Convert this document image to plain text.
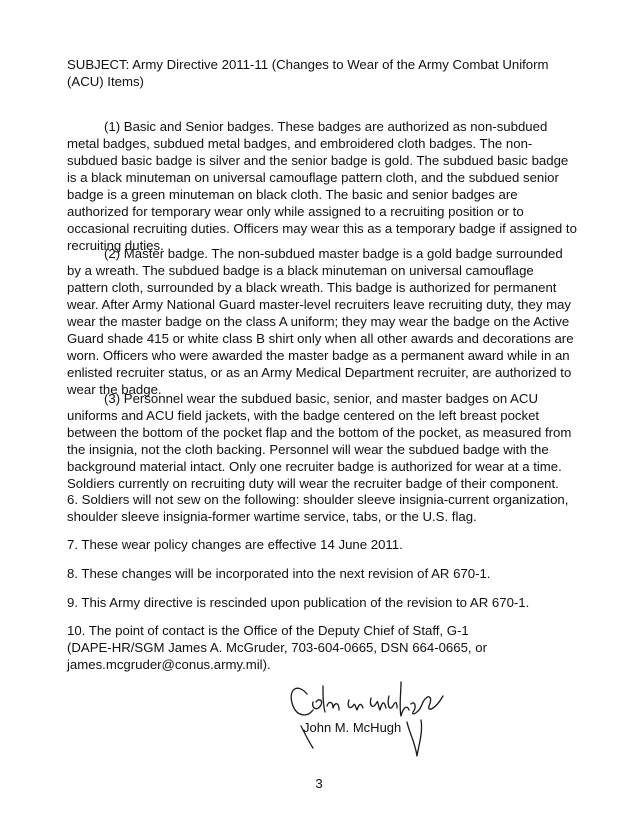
SUBJECT: Army Directive 2011-11 (Changes to Wear of the Army Combat Uniform
(ACU) Items)

(1) Basic and Senior badges. These badges are authorized as non-subdued
metal badges, subdued metal badges, and embroidered cloth badges. The non-
subdued basic badge is silver and the senior badge is gold. The subdued basic badge
is a black minuteman on universal camouflage pattern cloth, and the subdued senior
badge is a green minuteman on black cloth. The basic and senior badges are
authorized for temporary wear only while assigned to a recruiting position or to
occasional recruiting duties. Officers may wear this as a temporary badge if assigned to
recruiting duties.

(2) Master badge. The non-subdued master badge is a gold badge surrounded
by a wreath. The subdued badge is a black minuteman on universal camouflage
pattern cloth, surrounded by a black wreath. This badge is authorized for permanent
wear. After Army National Guard master-level recruiters leave recruiting duty, they may
wear the master badge on the class A uniform; they may wear the badge on the Active
Guard shade 415 or white class B shirt only when all other awards and decorations are
worn. Officers who were awarded the master badge as a permanent award while in an
enlisted recruiter status, or as an Army Medical Department recruiter, are authorized to
wear the badge.

(3) Personnel wear the subdued basic, senior, and master badges on ACU
uniforms and ACU field jackets, with the badge centered on the left breast pocket
between the bottom of the pocket flap and the bottom of the pocket, as measured from
the insignia, not the cloth backing. Personnel will wear the subdued badge with the
background material intact. Only one recruiter badge is authorized for wear at a time.
Soldiers currently on recruiting duty will wear the recruiter badge of their component.

6. Soldiers will not sew on the following: shoulder sleeve insignia-current organization,
shoulder sleeve insignia-former wartime service, tabs, or the U.S. flag.

7. These wear policy changes are effective 14 June 2011.

8. These changes will be incorporated into the next revision of AR 670-1.

9. This Army directive is rescinded upon publication of the revision to AR 670-1.

10. The point of contact is the Office of the Deputy Chief of Staff, G-1
(DAPE-HR/SGM James A. McGruder, 703-604-0665, DSN 664-0665, or
james.mcgruder@conus.army.mil).

John M. McHugh
3
